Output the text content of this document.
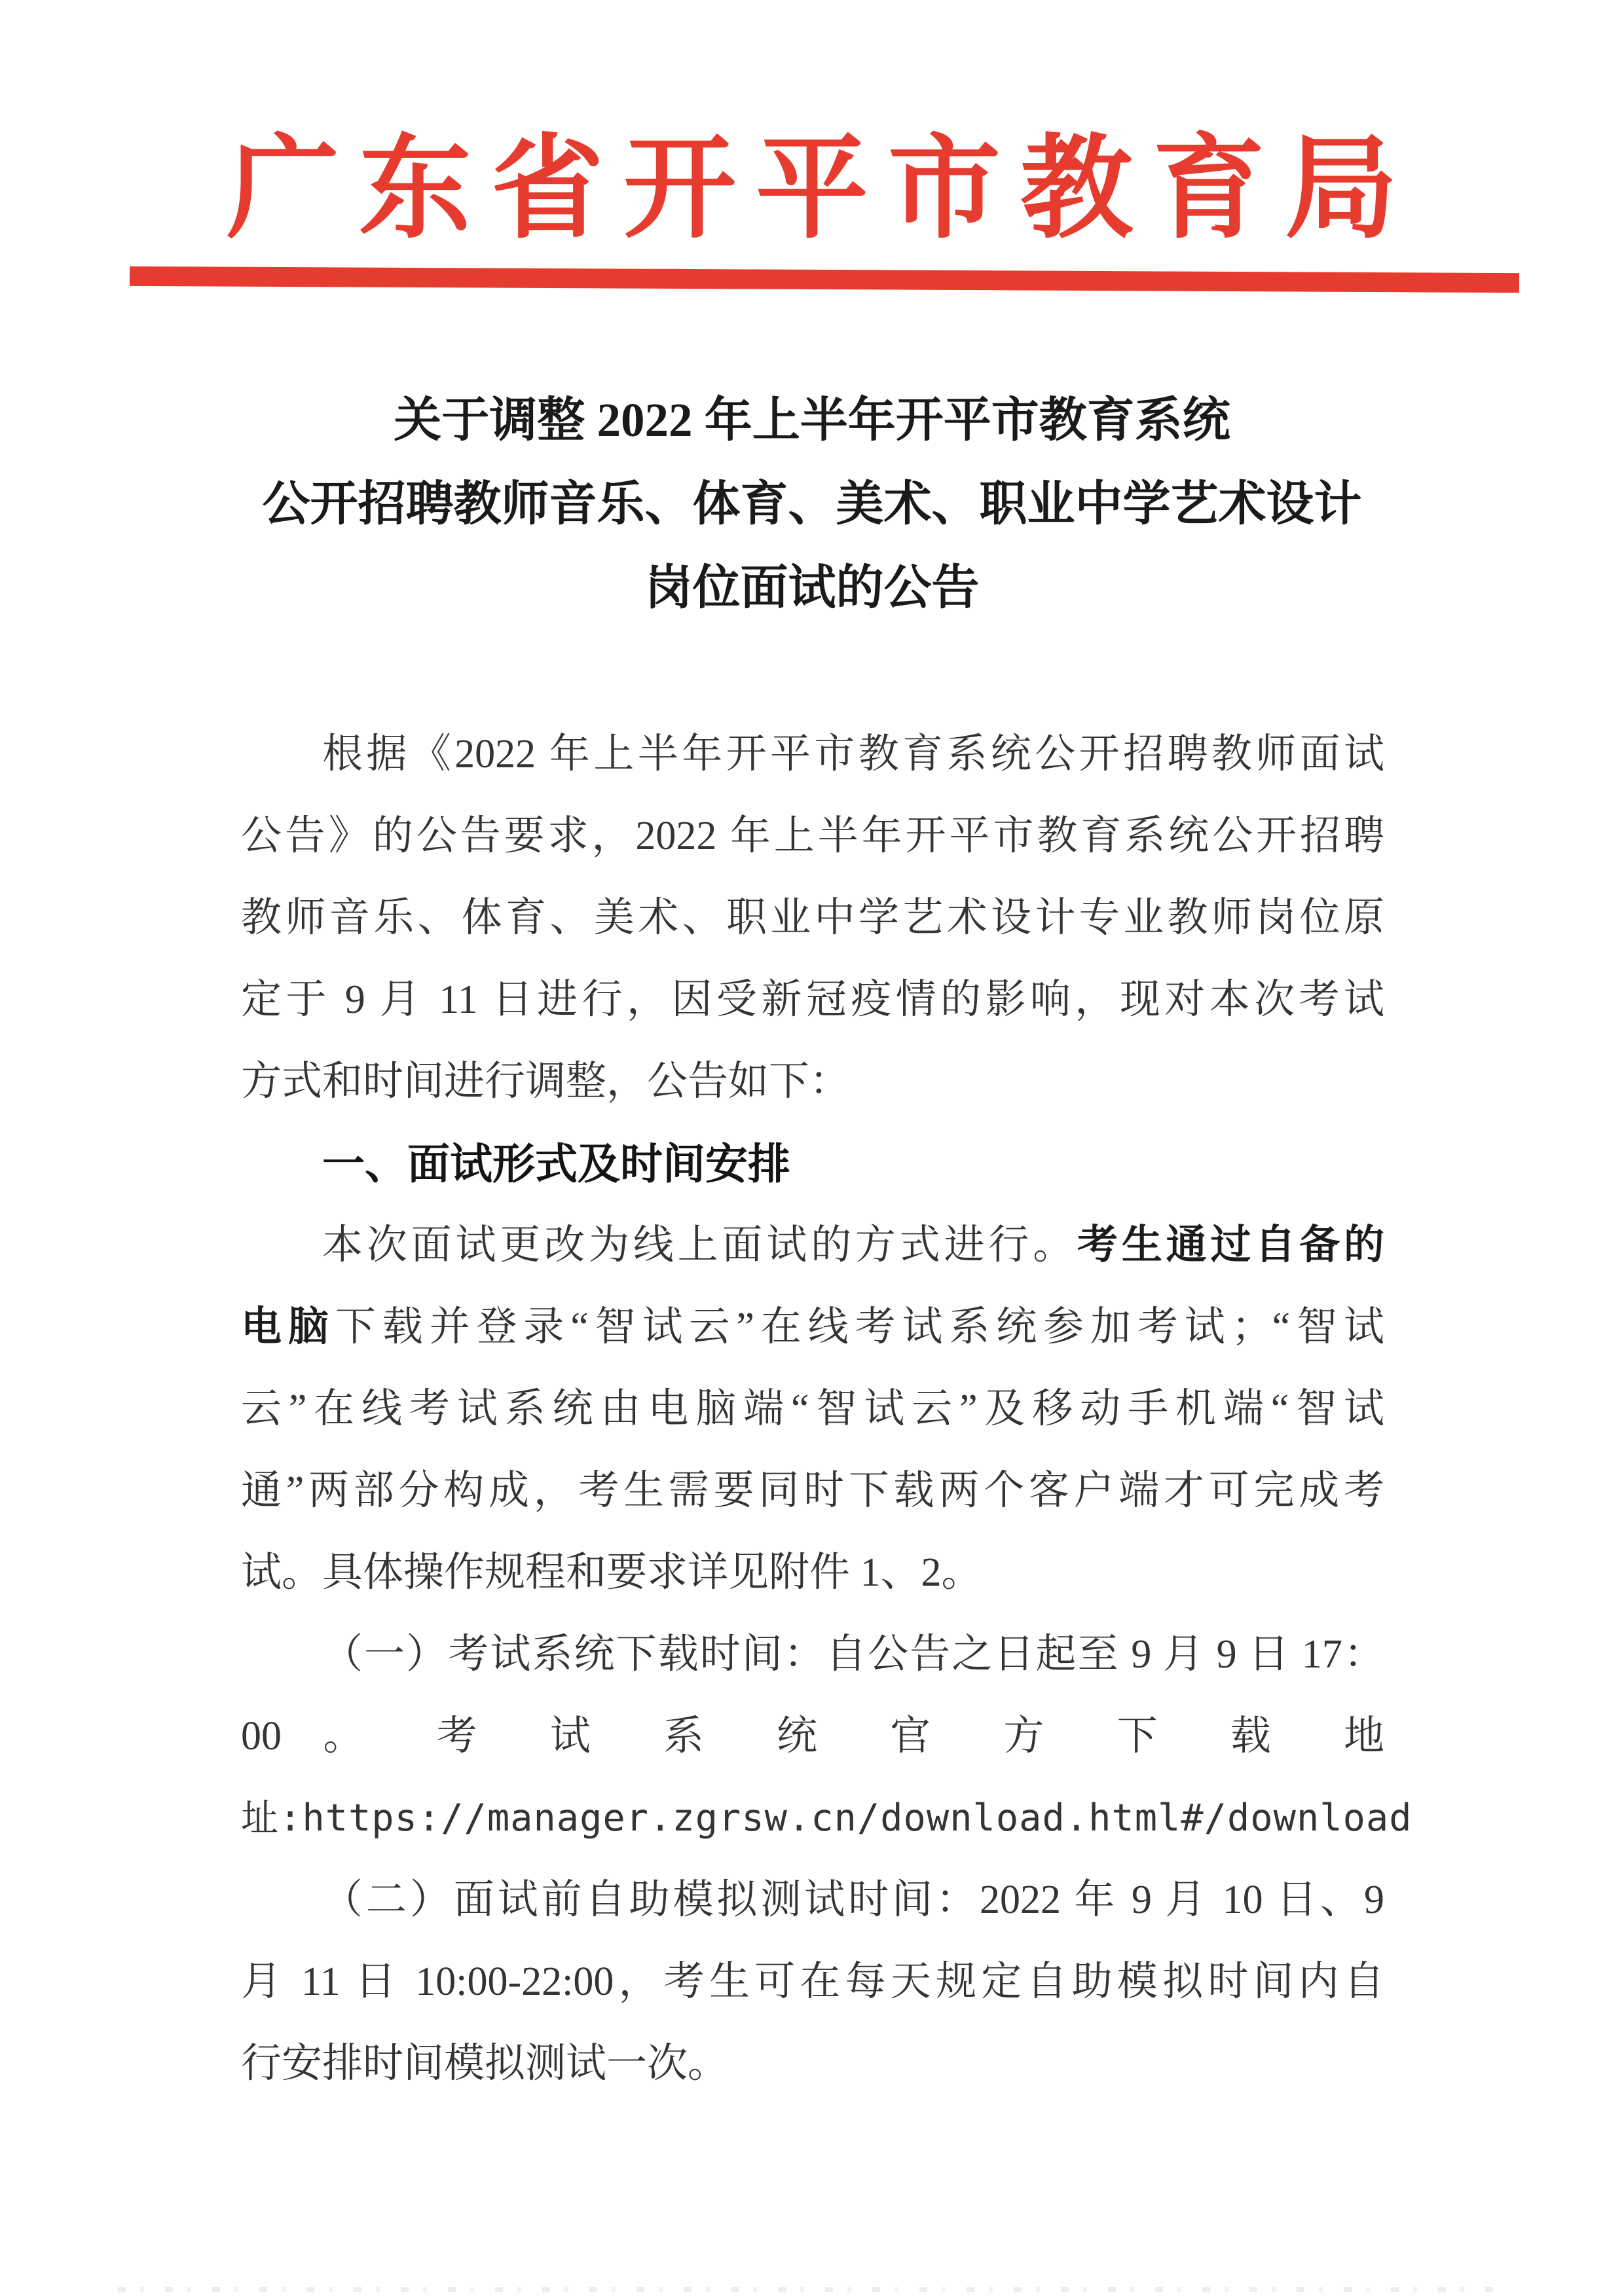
广东省开平市教育局
关于调整 2022 年上半年开平市教育系统
公开招聘教师音乐、体育、美术、职业中学艺术设计
岗位面试的公告
根据《2022 年上半年开平市教育系统公开招聘教师面试
公告》的公告要求，2022 年上半年开平市教育系统公开招聘
教师音乐、体育、美术、职业中学艺术设计专业教师岗位原
定于 9 月 11 日进行，因受新冠疫情的影响，现对本次考试
方式和时间进行调整，公告如下：
一、面试形式及时间安排
本次面试更改为线上面试的方式进行。考生通过自备的
电脑下载并登录“智试云”在线考试系统参加考试；“智试
云”在线考试系统由电脑端“智试云”及移动手机端“智试
通”两部分构成，考生需要同时下载两个客户端才可完成考
试。具体操作规程和要求详见附件 1、2。
（一）考试系统下载时间：自公告之日起至 9 月 9 日 17：
00 。 考 试 系 统 官 方 下 载 地
址:https://manager.zgrsw.cn/download.html#/download
（二）面试前自助模拟测试时间：2022 年 9 月 10 日、9
月 11 日 10:00-22:00，考生可在每天规定自助模拟时间内自
行安排时间模拟测试一次。
